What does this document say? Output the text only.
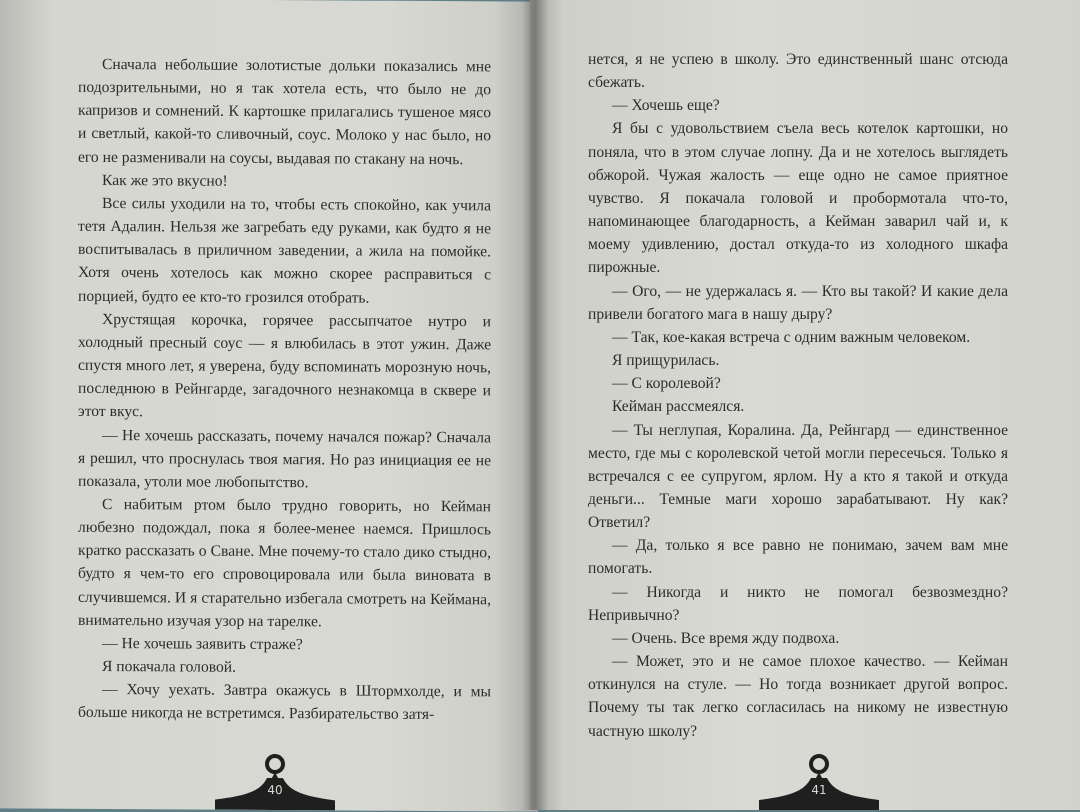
Сначала небольшие золотистые дольки показались мне подозрительными, но я так хотела есть, что было не до капризов и сомнений. К картошке прилагались тушеное мясо и светлый, какой-то сливочный, соус. Молоко у нас было, но его не разменивали на соусы, выдавая по стакану на ночь.

Как же это вкусно!

Все силы уходили на то, чтобы есть спокойно, как учила тетя Адалин. Нельзя же загребать еду руками, как будто я не воспитывалась в приличном заведении, а жила на помойке. Хотя очень хотелось как можно скорее расправиться с порцией, будто ее кто-то грозился отобрать.

Хрустящая корочка, горячее рассыпчатое нутро и холодный пресный соус — я влюбилась в этот ужин. Даже спустя много лет, я уверена, буду вспоминать морозную ночь, последнюю в Рейнгарде, загадочного незнакомца в сквере и этот вкус.

— Не хочешь рассказать, почему начался пожар? Сначала я решил, что проснулась твоя магия. Но раз инициация ее не показала, утоли мое любопытство.

С набитым ртом было трудно говорить, но Кейман любезно подождал, пока я более-менее наемся. Пришлось кратко рассказать о Сване. Мне почему-то стало дико стыдно, будто я чем-то его спровоцировала или была виновата в случившемся. И я старательно избегала смотреть на Кеймана, внимательно изучая узор на тарелке.

— Не хочешь заявить страже?

Я покачала головой.

— Хочу уехать. Завтра окажусь в Штормхолде, и мы больше никогда не встретимся. Разбирательство затя-

40

нется, я не успею в школу. Это единственный шанс отсюда сбежать.

— Хочешь еще?

Я бы с удовольствием съела весь котелок картошки, но поняла, что в этом случае лопну. Да и не хотелось выглядеть обжорой. Чужая жалость — еще одно не самое приятное чувство. Я покачала головой и пробормотала что-то, напоминающее благодарность, а Кейман заварил чай и, к моему удивлению, достал откуда-то из холодного шкафа пирожные.

— Ого, — не удержалась я. — Кто вы такой? И какие дела привели богатого мага в нашу дыру?

— Так, кое-какая встреча с одним важным человеком.

Я прищурилась.

— С королевой?

Кейман рассмеялся.

— Ты неглупая, Коралина. Да, Рейнгард — единственное место, где мы с королевской четой могли пересечься. Только я встречался с ее супругом, ярлом. Ну а кто я такой и откуда деньги... Темные маги хорошо зарабатывают. Ну как? Ответил?

— Да, только я все равно не понимаю, зачем вам мне помогать.

— Никогда и никто не помогал безвозмездно? Непривычно?

— Очень. Все время жду подвоха.

— Может, это и не самое плохое качество. — Кейман откинулся на стуле. — Но тогда возникает другой вопрос. Почему ты так легко согласилась на никому не известную частную школу?

41
